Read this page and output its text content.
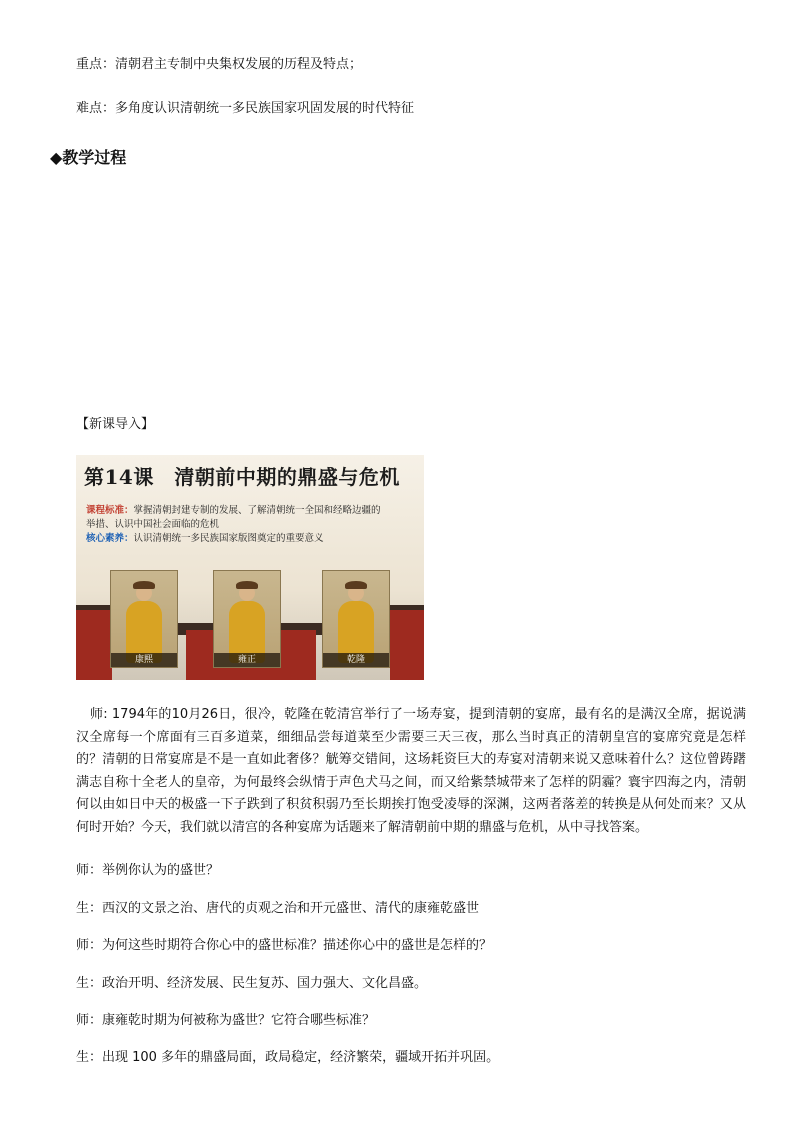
重点：清朝君主专制中央集权发展的历程及特点；
难点：多角度认识清朝统一多民族国家巩固发展的时代特征
◆教学过程
【新课导入】
第14课　清朝前中期的鼎盛与危机
课程标准：掌握清朝封建专制的发展、了解清朝统一全国和经略边疆的
举措、认识中国社会面临的危机
核心素养：认识清朝统一多民族国家版图奠定的重要意义
康熙	雍正	乾隆
师: 1794年的10月26日，很冷，乾隆在乾清宫举行了一场寿宴，提到清朝的宴席，最有名的是满汉全席，据说满汉全席每一个席面有三百多道菜，细细品尝每道菜至少需要三天三夜，那么当时真正的清朝皇宫的宴席究竟是怎样的？清朝的日常宴席是不是一直如此奢侈？觥筹交错间，这场耗资巨大的寿宴对清朝来说又意味着什么？这位曾踌躇满志自称十全老人的皇帝，为何最终会纵情于声色犬马之间，而又给紫禁城带来了怎样的阴霾？寰宇四海之内，清朝何以由如日中天的极盛一下子跌到了积贫积弱乃至长期挨打饱受凌辱的深渊，这两者落差的转换是从何处而来？又从何时开始？今天，我们就以清宫的各种宴席为话题来了解清朝前中期的鼎盛与危机，从中寻找答案。
师：举例你认为的盛世？
生：西汉的文景之治、唐代的贞观之治和开元盛世、清代的康雍乾盛世
师：为何这些时期符合你心中的盛世标准？描述你心中的盛世是怎样的？
生：政治开明、经济发展、民生复苏、国力强大、文化昌盛。
师：康雍乾时期为何被称为盛世？它符合哪些标准？
生：出现 100 多年的鼎盛局面，政局稳定，经济繁荣，疆域开拓并巩固。
